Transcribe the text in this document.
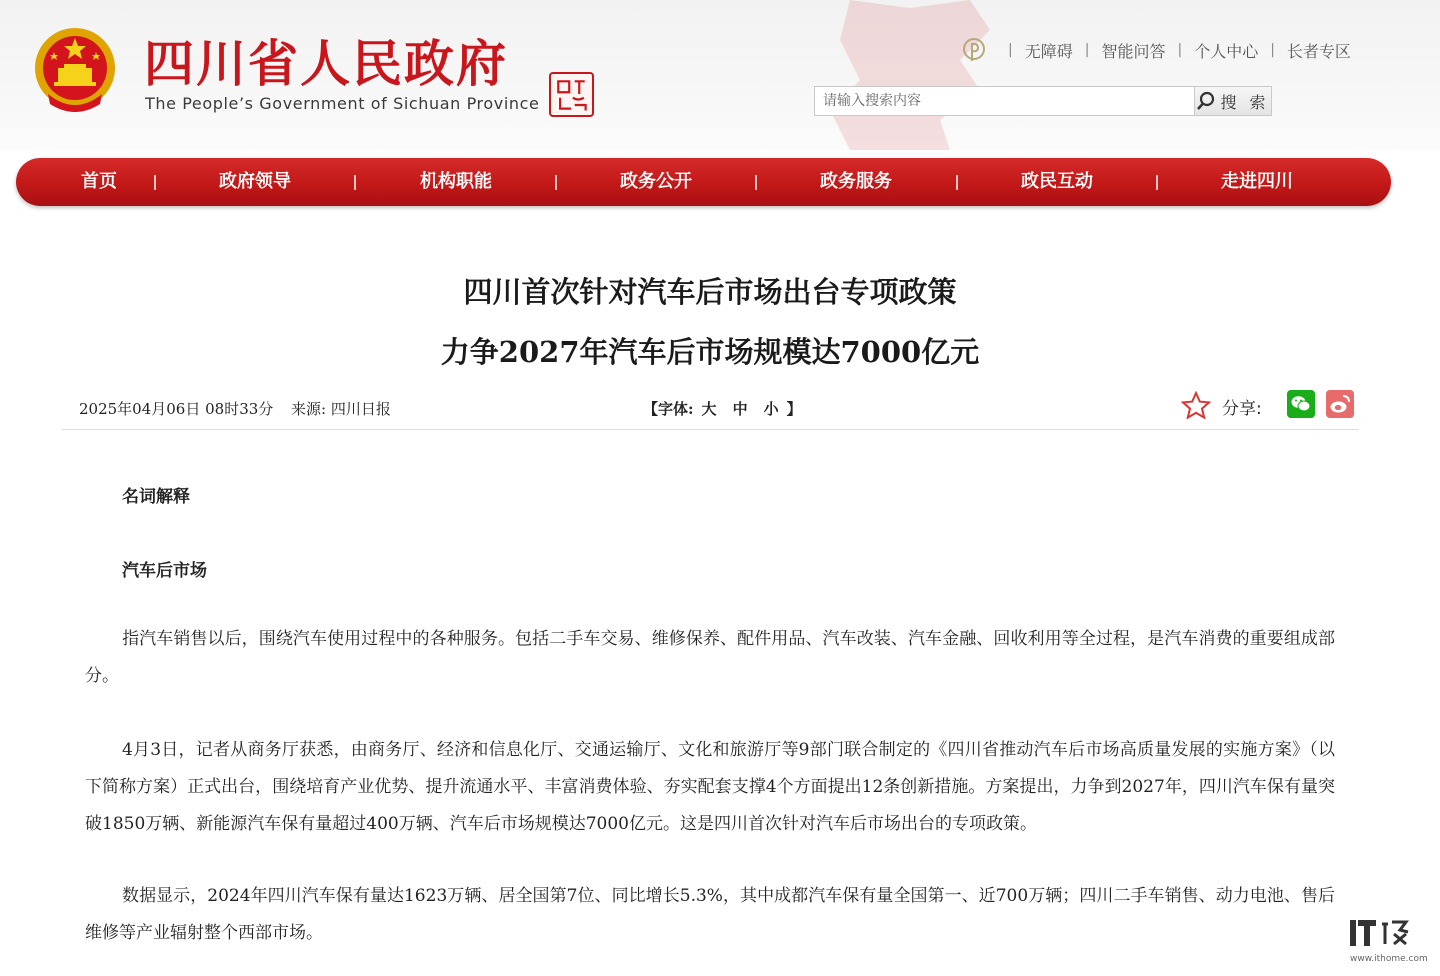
四川省人民政府
The People’s Government of Sichuan Province
| 无障碍 | 智能问答 | 个人中心 | 长者专区
请输入搜索内容
搜 索
首页	政府领导	机构职能	政务公开	政务服务	政民互动	走进四川
四川首次针对汽车后市场出台专项政策
力争2027年汽车后市场规模达7000亿元
2025年04月06日 08时33分 来源: 四川日报	【字体: 大 中 小 】	分享:
名词解释
汽车后市场
指汽车销售以后，围绕汽车使用过程中的各种服务。包括二手车交易、维修保养、配件用品、汽车改装、汽车金融、回收利用等全过程，是汽车消费的重要组成部分。
4月3日，记者从商务厅获悉，由商务厅、经济和信息化厅、交通运输厅、文化和旅游厅等9部门联合制定的《四川省推动汽车后市场高质量发展的实施方案》（以下简称方案）正式出台，围绕培育产业优势、提升流通水平、丰富消费体验、夯实配套支撑4个方面提出12条创新措施。方案提出，力争到2027年，四川汽车保有量突破1850万辆、新能源汽车保有量超过400万辆、汽车后市场规模达7000亿元。这是四川首次针对汽车后市场出台的专项政策。
数据显示，2024年四川汽车保有量达1623万辆、居全国第7位、同比增长5.3%，其中成都汽车保有量全国第一、近700万辆；四川二手车销售、动力电池、售后维修等产业辐射整个西部市场。
www.ithome.com
